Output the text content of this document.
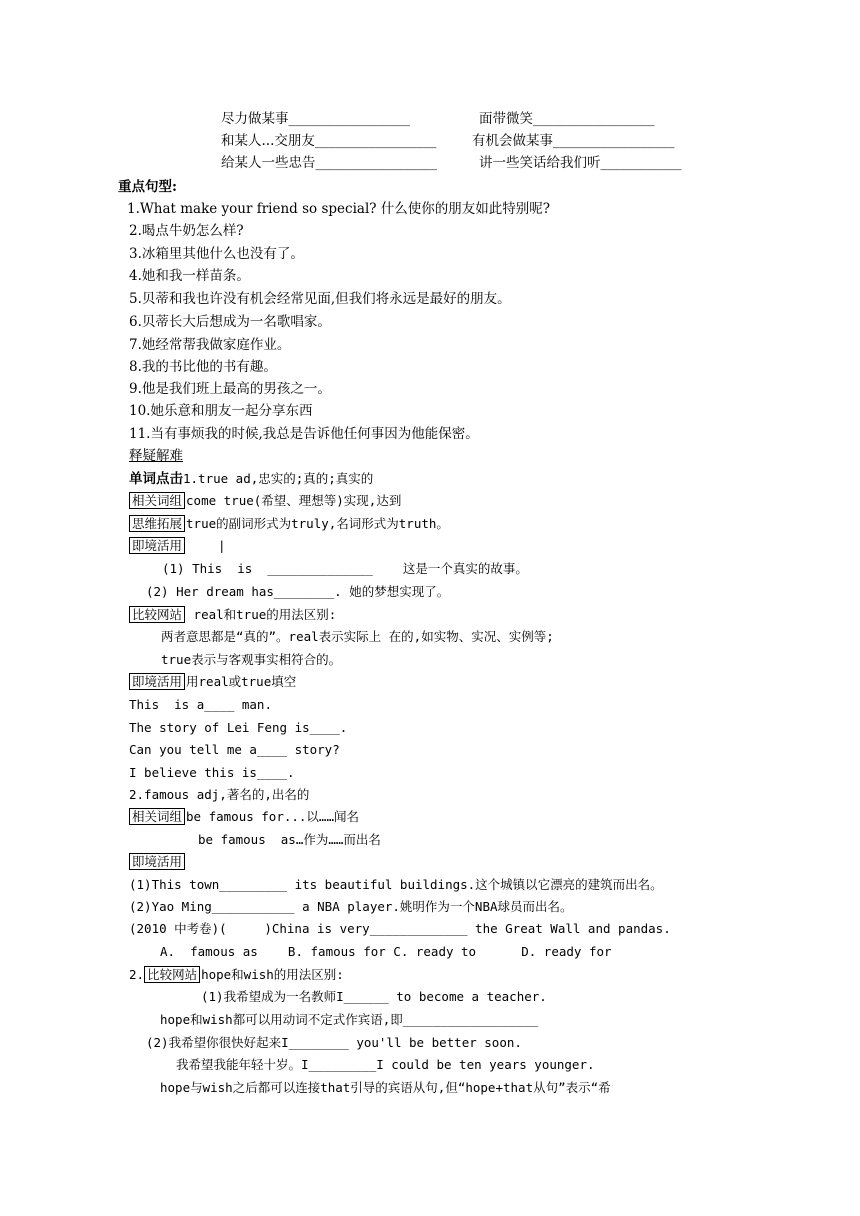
尽力做某事__________________	面带微笑__________________
和某人...交朋友__________________	有机会做某事__________________
给某人一些忠告__________________	讲一些笑话给我们听____________
重点句型:
1.What make your friend so special? 什么使你的朋友如此特别呢?
2.喝点牛奶怎么样?
3.冰箱里其他什么也没有了。
4.她和我一样苗条。
5.贝蒂和我也许没有机会经常见面,但我们将永远是最好的朋友。
6.贝蒂长大后想成为一名歌唱家。
7.她经常帮我做家庭作业。
8.我的书比他的书有趣。
9.他是我们班上最高的男孩之一。
10.她乐意和朋友一起分享东西
11.当有事烦我的时候,我总是告诉他任何事因为他能保密。
释疑解难
单词点击1.true ad,忠实的;真的;真实的
相关词组 come true(希望、理想等)实现,达到
思维拓展 true的副词形式为truly,名词形式为truth。
即境活用	|
(1) This  is  ______________    这是一个真实的故事。
(2) Her dream has________. 她的梦想实现了。
比较网站 real和true的用法区别:
两者意思都是“真的”。real表示实际上 在的,如实物、实况、实例等;
true表示与客观事实相符合的。
即境活用 用real或true填空
This  is a____ man.
The story of Lei Feng is____.
Can you tell me a____ story?
I believe this is____.
2.famous adj,著名的,出名的
相关词组 be famous for...以……闻名
be famous  as…作为……而出名
即境活用
(1)This town_________ its beautiful buildings.这个城镇以它漂亮的建筑而出名。
(2)Yao Ming___________ a NBA player.姚明作为一个NBA球员而出名。
(2010 中考卷)(     )China is very_____________ the Great Wall and pandas.
A.  famous as    B. famous for C. ready to      D. ready for
2. 比较网站 hope和wish的用法区别:
(1)我希望成为一名教师I______ to become a teacher.
hope和wish都可以用动词不定式作宾语,即__________________
(2)我希望你很快好起来I________ you'll be better soon.
我希望我能年轻十岁。I_________I could be ten years younger.
hope与wish之后都可以连接that引导的宾语从句,但“hope+that从句”表示“希
